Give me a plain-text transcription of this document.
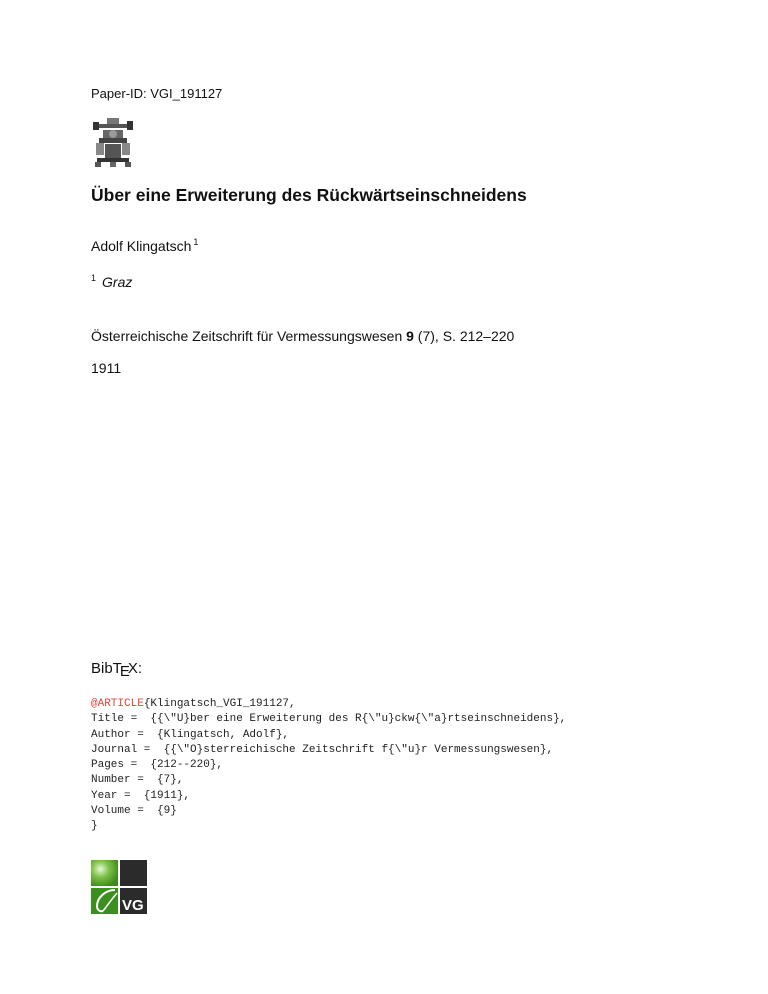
Paper-ID: VGI_191127
Über eine Erweiterung des Rückwärtseinschneidens
Adolf Klingatsch $^1$
$^1$ Graz
Österreichische Zeitschrift für Vermessungswesen 9 (7), S. 212–220
1911
BibTEX:
@ARTICLE{Klingatsch_VGI_191127,
Title =  {{\"U}ber eine Erweiterung des R{\"u}ckw{\"a}rtseinschneidens},
Author =  {Klingatsch, Adolf},
Journal =  {{\"O}sterreichische Zeitschrift f{\"u}r Vermessungswesen},
Pages =  {212--220},
Number =  {7},
Year =  {1911},
Volume =  {9}
}
VG
